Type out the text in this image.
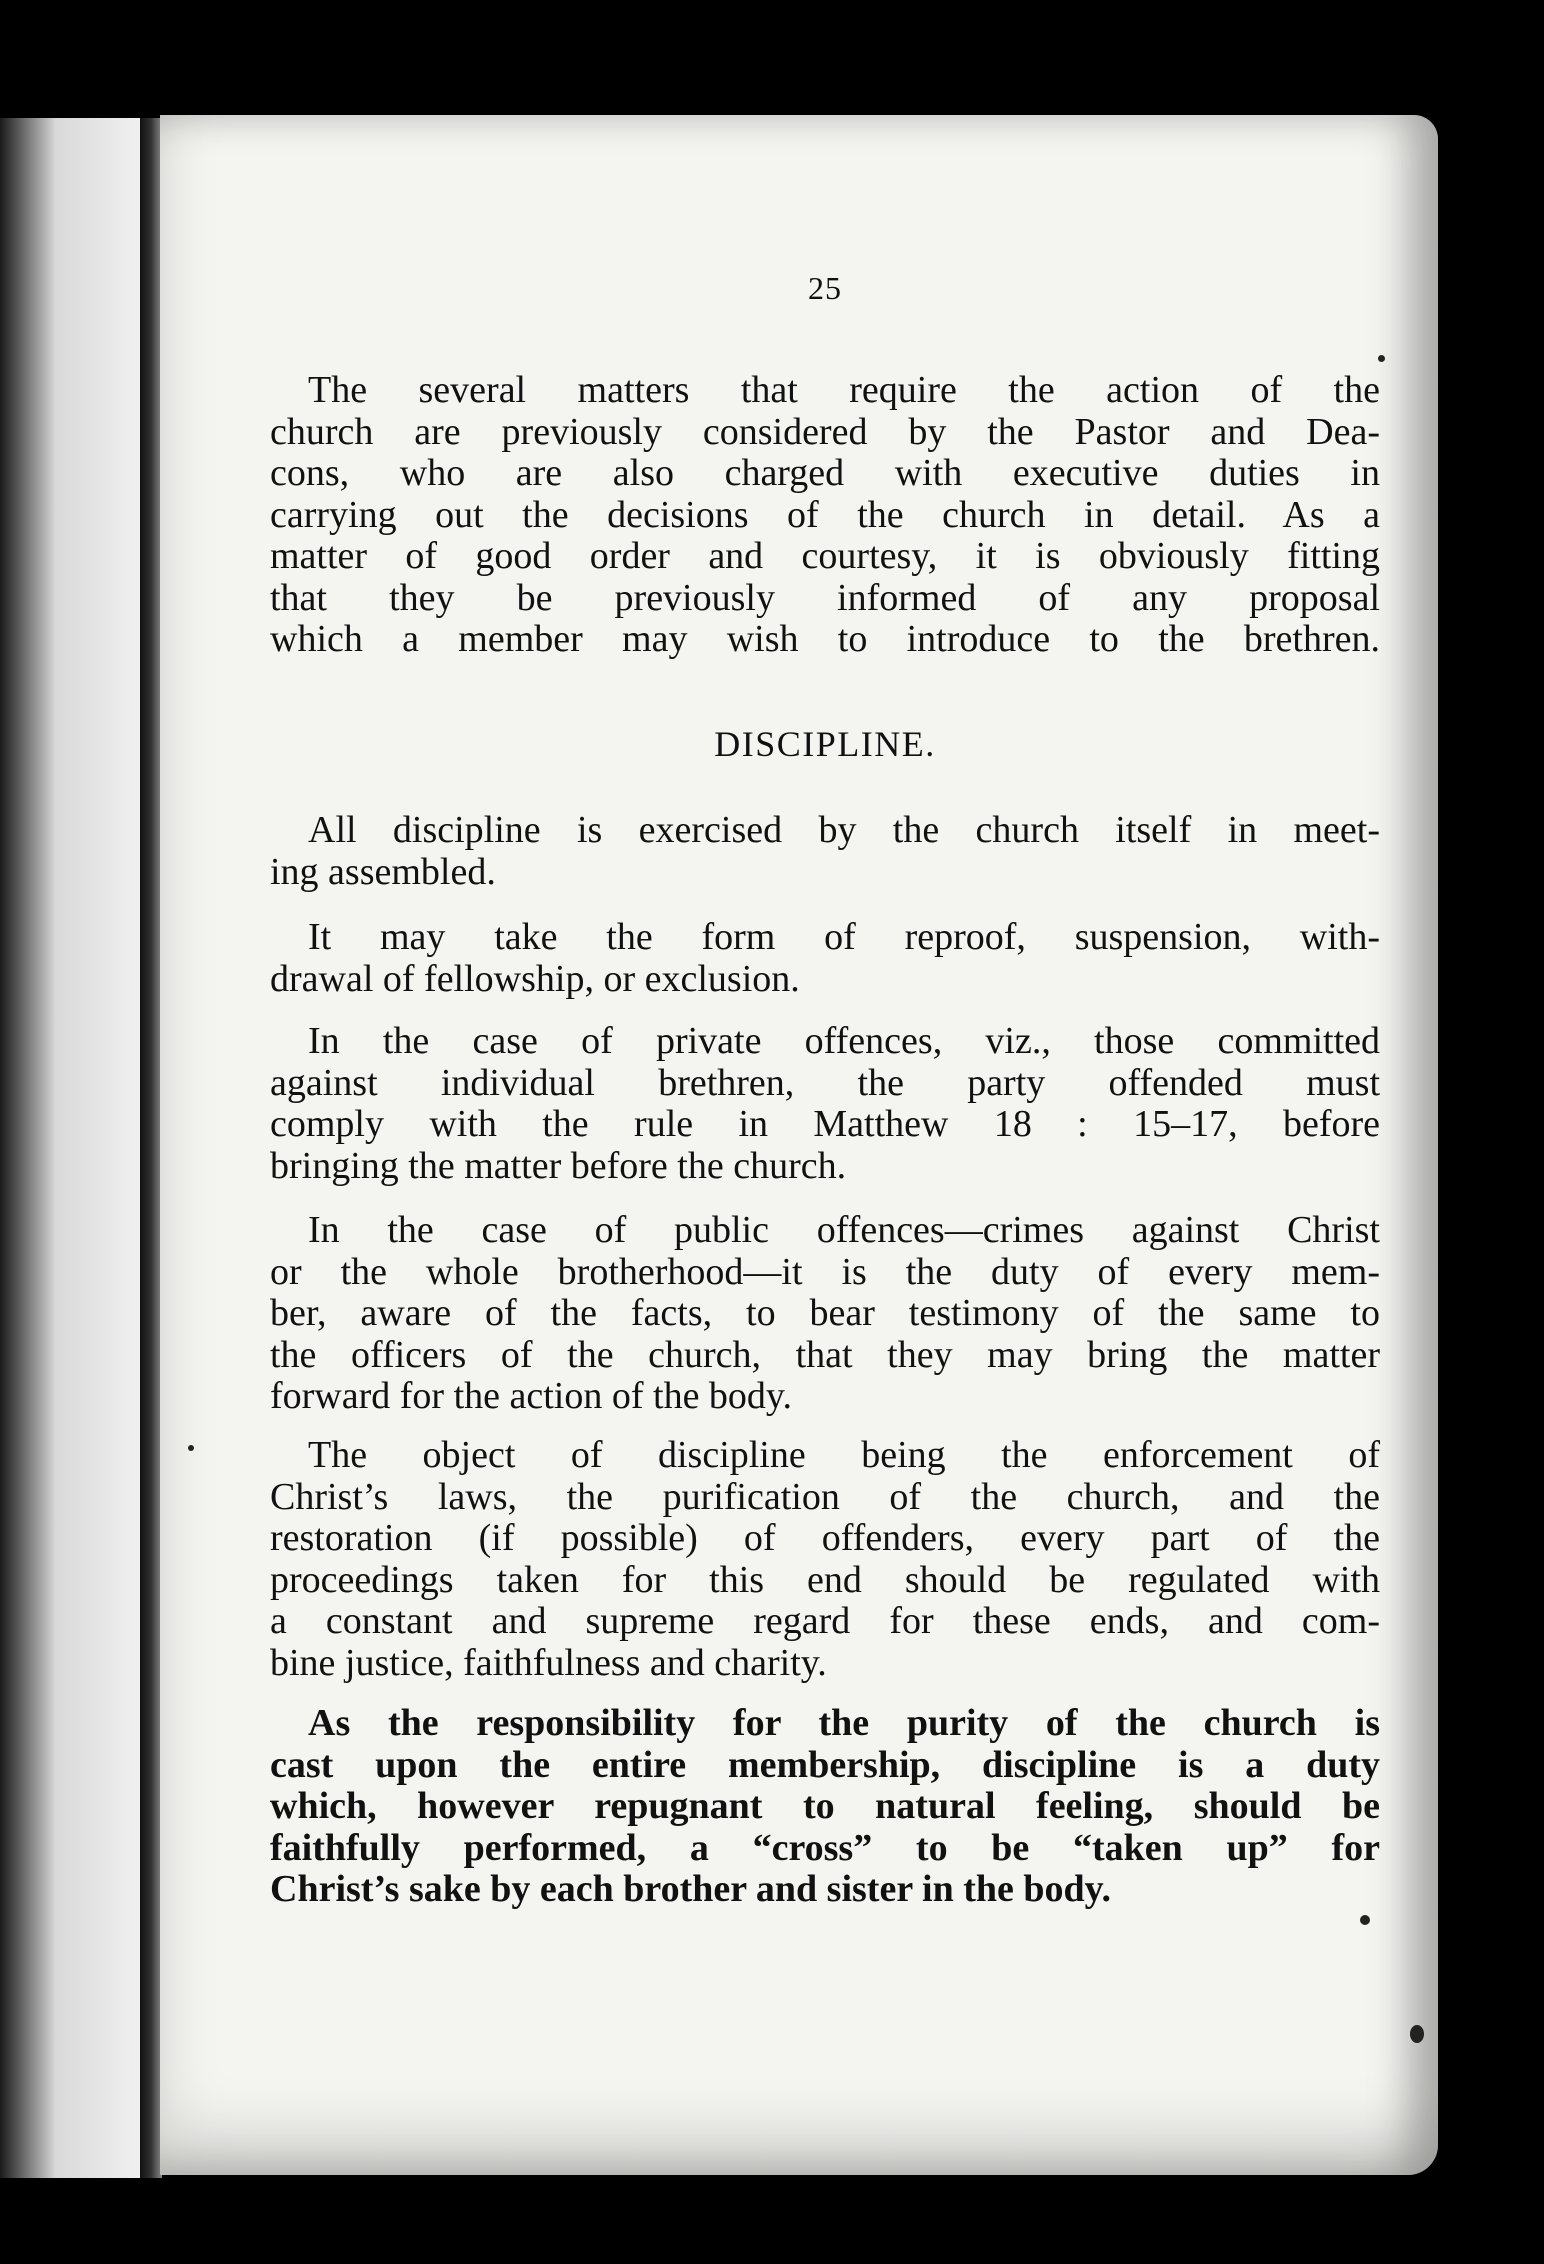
25
The several matters that require the action of the
church are previously considered by the Pastor and Dea-
cons, who are also charged with executive duties in
carrying out the decisions of the church in detail. As a
matter of good order and courtesy, it is obviously fitting
that they be previously informed of any proposal
which a member may wish to introduce to the brethren.
DISCIPLINE.
All discipline is exercised by the church itself in meet-
ing assembled.
It may take the form of reproof, suspension, with-
drawal of fellowship, or exclusion.
In the case of private offences, viz., those committed
against individual brethren, the party offended must
comply with the rule in Matthew 18 : 15–17, before
bringing the matter before the church.
In the case of public offences—crimes against Christ
or the whole brotherhood—it is the duty of every mem-
ber, aware of the facts, to bear testimony of the same to
the officers of the church, that they may bring the matter
forward for the action of the body.
The object of discipline being the enforcement of
Christ’s laws, the purification of the church, and the
restoration (if possible) of offenders, every part of the
proceedings taken for this end should be regulated with
a constant and supreme regard for these ends, and com-
bine justice, faithfulness and charity.
As the responsibility for the purity of the church is
cast upon the entire membership, discipline is a duty
which, however repugnant to natural feeling, should be
faithfully performed, a “cross” to be “taken up” for
Christ’s sake by each brother and sister in the body.
